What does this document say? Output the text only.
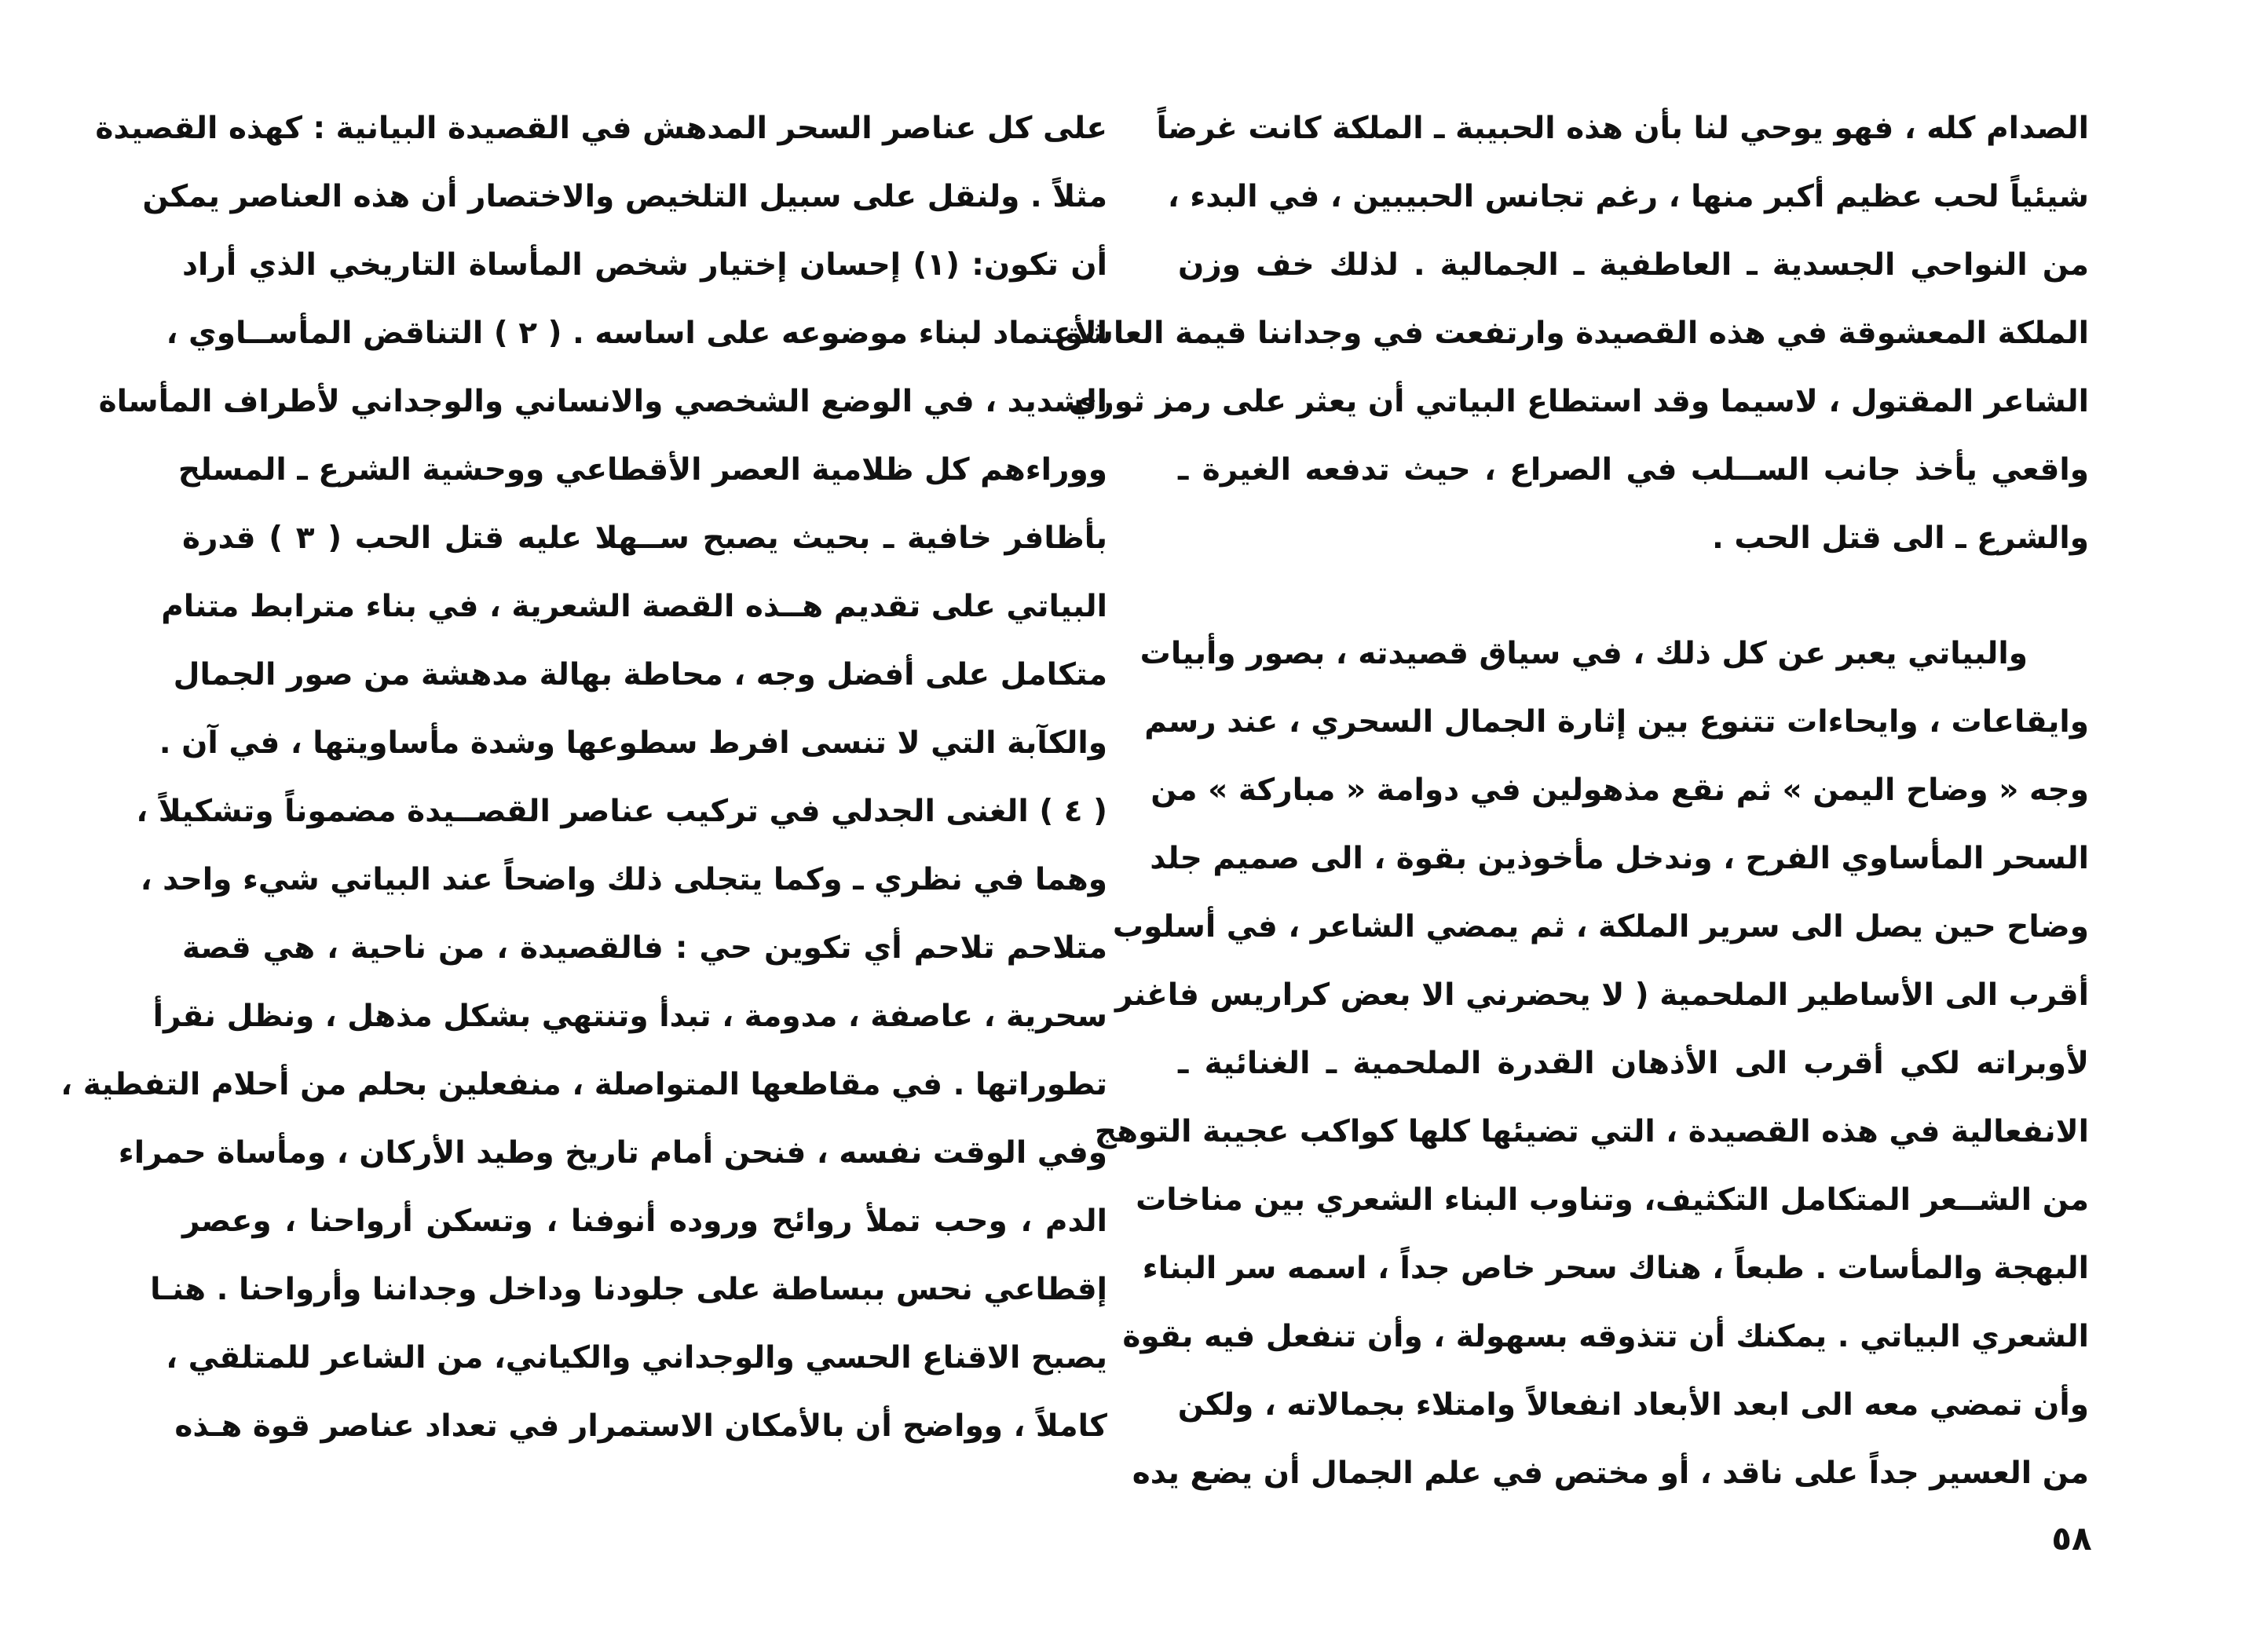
الصدام كله ، فهو يوحي لنا بأن هذه الحبيبة ـ الملكة كانت غرضاً
شيئياً لحب عظيم أكبر منها ، رغم تجانس الحبيبين ، في البدء ،
من النواحي الجسدية ـ العاطفية ـ الجمالية . لذلك خف وزن
الملكة المعشوقة في هذه القصيدة وارتفعت في وجداننا قيمة العاشق
الشاعر المقتول ، لاسيما وقد استطاع البياتي أن يعثر على رمز ثوري
واقعي يأخذ جانب الســلب في الصراع ، حيث تدفعه الغيرة ـ
والشرع ـ الى قتل الحب .
والبياتي يعبر عن كل ذلك ، في سياق قصيدته ، بصور وأبيات
وايقاعات ، وايحاءات تتنوع بين إثارة الجمال السحري ، عند رسم
وجه « وضاح اليمن » ثم نقع مذهولين في دوامة « مباركة » من
السحر المأساوي الفرح ، وندخل مأخوذين بقوة ، الى صميم جلد
وضاح حين يصل الى سرير الملكة ، ثم يمضي الشاعر ، في أسلوب
أقرب الى الأساطير الملحمية ( لا يحضرني الا بعض كراريس فاغنر
لأوبراته لكي أقرب الى الأذهان القدرة الملحمية ـ الغنائية ـ
الانفعالية في هذه القصيدة ، التي تضيئها كلها كواكب عجيبة التوهج
من الشــعر المتكامل التكثيف، وتناوب البناء الشعري بين مناخات
البهجة والمأسات . طبعاً ، هناك سحر خاص جداً ، اسمه سر البناء
الشعري البياتي . يمكنك أن تتذوقه بسهولة ، وأن تنفعل فيه بقوة
وأن تمضي معه الى ابعد الأبعاد انفعالاً وامتلاء بجمالاته ، ولكن
من العسير جداً على ناقد ، أو مختص في علم الجمال أن يضع يده
٥٨
على كل عناصر السحر المدهش في القصيدة البيانية : كهذه القصيدة
مثلاً . ولنقل على سبيل التلخيص والاختصار أن هذه العناصر يمكن
أن تكون: (١) إحسان إختيار شخص المأساة التاريخي الذي أراد
الأعتماد لبناء موضوعه على اساسه . ( ٢ ) التناقض المأســاوي ،
الشديد ، في الوضع الشخصي والانساني والوجداني لأطراف المأساة
ووراءهم كل ظلامية العصر الأقطاعي ووحشية الشرع ـ المسلح
بأظافر خافية ـ بحيث يصبح ســهلا عليه قتل الحب ( ٣ ) قدرة
البياتي على تقديم هــذه القصة الشعرية ، في بناء مترابط متنام
متكامل على أفضل وجه ، محاطة بهالة مدهشة من صور الجمال
والكآبة التي لا تنسى افرط سطوعها وشدة مأساويتها ، في آن .
( ٤ ) الغنى الجدلي في تركيب عناصر القصــيدة مضموناً وتشكيلاً ،
وهما في نظري ـ وكما يتجلى ذلك واضحاً عند البياتي شيء واحد ،
متلاحم تلاحم أي تكوين حي : فالقصيدة ، من ناحية ، هي قصة
سحرية ، عاصفة ، مدومة ، تبدأ وتنتهي بشكل مذهل ، ونظل نقرأ
تطوراتها . في مقاطعها المتواصلة ، منفعلين بحلم من أحلام التفطية ،
وفي الوقت نفسه ، فنحن أمام تاريخ وطيد الأركان ، ومأساة حمراء
الدم ، وحب تملأ روائح وروده أنوفنا ، وتسكن أرواحنا ، وعصر
إقطاعي نحس ببساطة على جلودنا وداخل وجداننا وأرواحنا . هنـا
يصبح الاقناع الحسي والوجداني والكياني، من الشاعر للمتلقي ،
كاملاً ، وواضح أن بالأمكان الاستمرار في تعداد عناصر قوة هـذه
